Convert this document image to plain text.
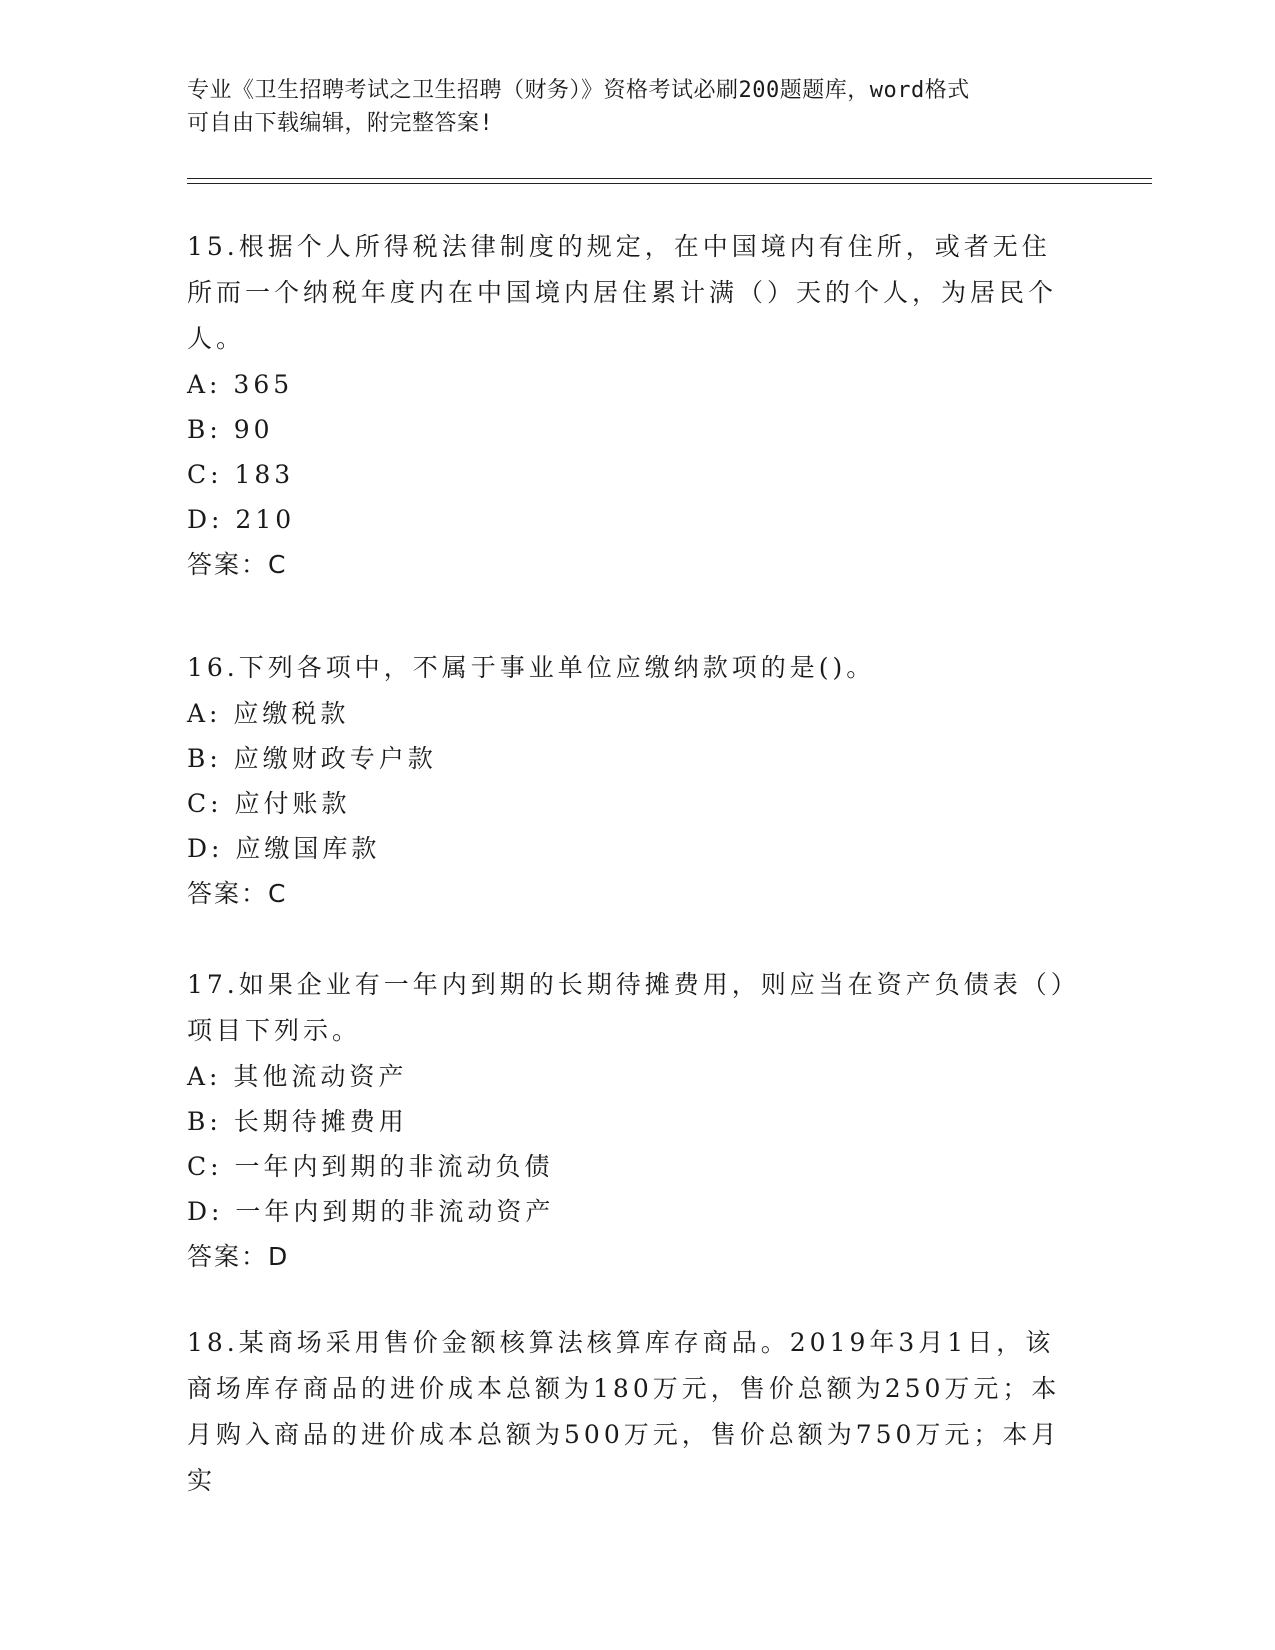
专业《卫生招聘考试之卫生招聘（财务）》资格考试必刷200题题库，word格式
可自由下载编辑，附完整答案!

15.根据个人所得税法律制度的规定，在中国境内有住所，或者无住所而一个纳税年度内在中国境内居住累计满（）天的个人，为居民个人。

A: 365

B: 90

C: 183

D: 210

答案：C

16.下列各项中，不属于事业单位应缴纳款项的是()。

A: 应缴税款

B: 应缴财政专户款

C: 应付账款

D: 应缴国库款

答案：C

17.如果企业有一年内到期的长期待摊费用，则应当在资产负债表（）项目下列示。

A: 其他流动资产

B: 长期待摊费用

C: 一年内到期的非流动负债

D: 一年内到期的非流动资产

答案：D

18.某商场采用售价金额核算法核算库存商品。2019年3月1日，该商场库存商品的进价成本总额为180万元，售价总额为250万元；本月购入商品的进价成本总额为500万元，售价总额为750万元；本月实
